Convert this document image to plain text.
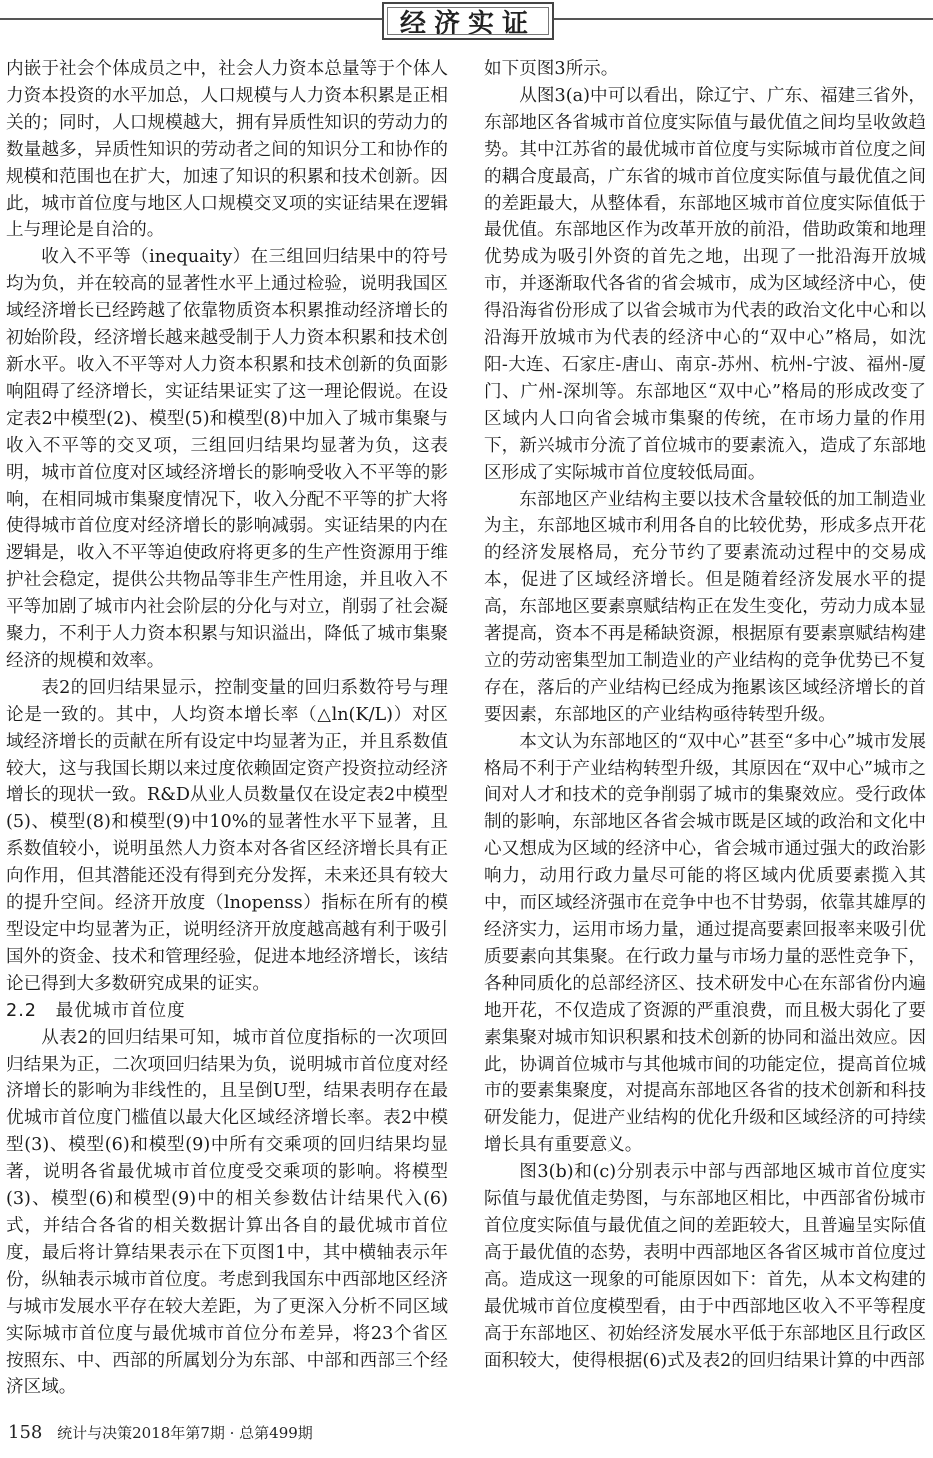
经济实证

内嵌于社会个体成员之中，社会人力资本总量等于个体人力资本投资的水平加总，人口规模与人力资本积累是正相关的；同时，人口规模越大，拥有异质性知识的劳动力的数量越多，异质性知识的劳动者之间的知识分工和协作的规模和范围也在扩大，加速了知识的积累和技术创新。因此，城市首位度与地区人口规模交叉项的实证结果在逻辑上与理论是自洽的。

收入不平等（inequaity）在三组回归结果中的符号均为负，并在较高的显著性水平上通过检验，说明我国区域经济增长已经跨越了依靠物质资本积累推动经济增长的初始阶段，经济增长越来越受制于人力资本积累和技术创新水平。收入不平等对人力资本积累和技术创新的负面影响阻碍了经济增长，实证结果证实了这一理论假说。在设定表2中模型(2)、模型(5)和模型(8)中加入了城市集聚与收入不平等的交叉项，三组回归结果均显著为负，这表明，城市首位度对区域经济增长的影响受收入不平等的影响，在相同城市集聚度情况下，收入分配不平等的扩大将使得城市首位度对经济增长的影响减弱。实证结果的内在逻辑是，收入不平等迫使政府将更多的生产性资源用于维护社会稳定，提供公共物品等非生产性用途，并且收入不平等加剧了城市内社会阶层的分化与对立，削弱了社会凝聚力，不利于人力资本积累与知识溢出，降低了城市集聚经济的规模和效率。

表2的回归结果显示，控制变量的回归系数符号与理论是一致的。其中，人均资本增长率（△ln(K/L)）对区域经济增长的贡献在所有设定中均显著为正，并且系数值较大，这与我国长期以来过度依赖固定资产投资拉动经济增长的现状一致。R&D从业人员数量仅在设定表2中模型(5)、模型(8)和模型(9)中10%的显著性水平下显著，且系数值较小，说明虽然人力资本对各省区经济增长具有正向作用，但其潜能还没有得到充分发挥，未来还具有较大的提升空间。经济开放度（lnopenss）指标在所有的模型设定中均显著为正，说明经济开放度越高越有利于吸引国外的资金、技术和管理经验，促进本地经济增长，该结论已得到大多数研究成果的证实。

2.2　最优城市首位度

从表2的回归结果可知，城市首位度指标的一次项回归结果为正，二次项回归结果为负，说明城市首位度对经济增长的影响为非线性的，且呈倒U型，结果表明存在最优城市首位度门槛值以最大化区域经济增长率。表2中模型(3)、模型(6)和模型(9)中所有交乘项的回归结果均显著，说明各省最优城市首位度受交乘项的影响。将模型(3)、模型(6)和模型(9)中的相关参数估计结果代入(6)式，并结合各省的相关数据计算出各自的最优城市首位度，最后将计算结果表示在下页图1中，其中横轴表示年份，纵轴表示城市首位度。考虑到我国东中西部地区经济与城市发展水平存在较大差距，为了更深入分析不同区域实际城市首位度与最优城市首位分布差异，将23个省区按照东、中、西部的所属划分为东部、中部和西部三个经济区域。

如下页图3所示。

从图3(a)中可以看出，除辽宁、广东、福建三省外，东部地区各省城市首位度实际值与最优值之间均呈收敛趋势。其中江苏省的最优城市首位度与实际城市首位度之间的耦合度最高，广东省的城市首位度实际值与最优值之间的差距最大，从整体看，东部地区城市首位度实际值低于最优值。东部地区作为改革开放的前沿，借助政策和地理优势成为吸引外资的首先之地，出现了一批沿海开放城市，并逐渐取代各省的省会城市，成为区域经济中心，使得沿海省份形成了以省会城市为代表的政治文化中心和以沿海开放城市为代表的经济中心的“双中心”格局，如沈阳-大连、石家庄-唐山、南京-苏州、杭州-宁波、福州-厦门、广州-深圳等。东部地区“双中心”格局的形成改变了区域内人口向省会城市集聚的传统，在市场力量的作用下，新兴城市分流了首位城市的要素流入，造成了东部地区形成了实际城市首位度较低局面。

东部地区产业结构主要以技术含量较低的加工制造业为主，东部地区城市利用各自的比较优势，形成多点开花的经济发展格局，充分节约了要素流动过程中的交易成本，促进了区域经济增长。但是随着经济发展水平的提高，东部地区要素禀赋结构正在发生变化，劳动力成本显著提高，资本不再是稀缺资源，根据原有要素禀赋结构建立的劳动密集型加工制造业的产业结构的竞争优势已不复存在，落后的产业结构已经成为拖累该区域经济增长的首要因素，东部地区的产业结构亟待转型升级。

本文认为东部地区的“双中心”甚至“多中心”城市发展格局不利于产业结构转型升级，其原因在“双中心”城市之间对人才和技术的竞争削弱了城市的集聚效应。受行政体制的影响，东部地区各省会城市既是区域的政治和文化中心又想成为区域的经济中心，省会城市通过强大的政治影响力，动用行政力量尽可能的将区域内优质要素揽入其中，而区域经济强市在竞争中也不甘势弱，依靠其雄厚的经济实力，运用市场力量，通过提高要素回报率来吸引优质要素向其集聚。在行政力量与市场力量的恶性竞争下，各种同质化的总部经济区、技术研发中心在东部省份内遍地开花，不仅造成了资源的严重浪费，而且极大弱化了要素集聚对城市知识积累和技术创新的协同和溢出效应。因此，协调首位城市与其他城市间的功能定位，提高首位城市的要素集聚度，对提高东部地区各省的技术创新和科技研发能力，促进产业结构的优化升级和区域经济的可持续增长具有重要意义。

图3(b)和(c)分别表示中部与西部地区城市首位度实际值与最优值走势图，与东部地区相比，中西部省份城市首位度实际值与最优值之间的差距较大，且普遍呈实际值高于最优值的态势，表明中西部地区各省区城市首位度过高。造成这一现象的可能原因如下：首先，从本文构建的最优城市首位度模型看，由于中西部地区收入不平等程度高于东部地区、初始经济发展水平低于东部地区且行政区面积较大，使得根据(6)式及表2的回归结果计算的中西部

158 统计与决策2018年第7期 · 总第499期
